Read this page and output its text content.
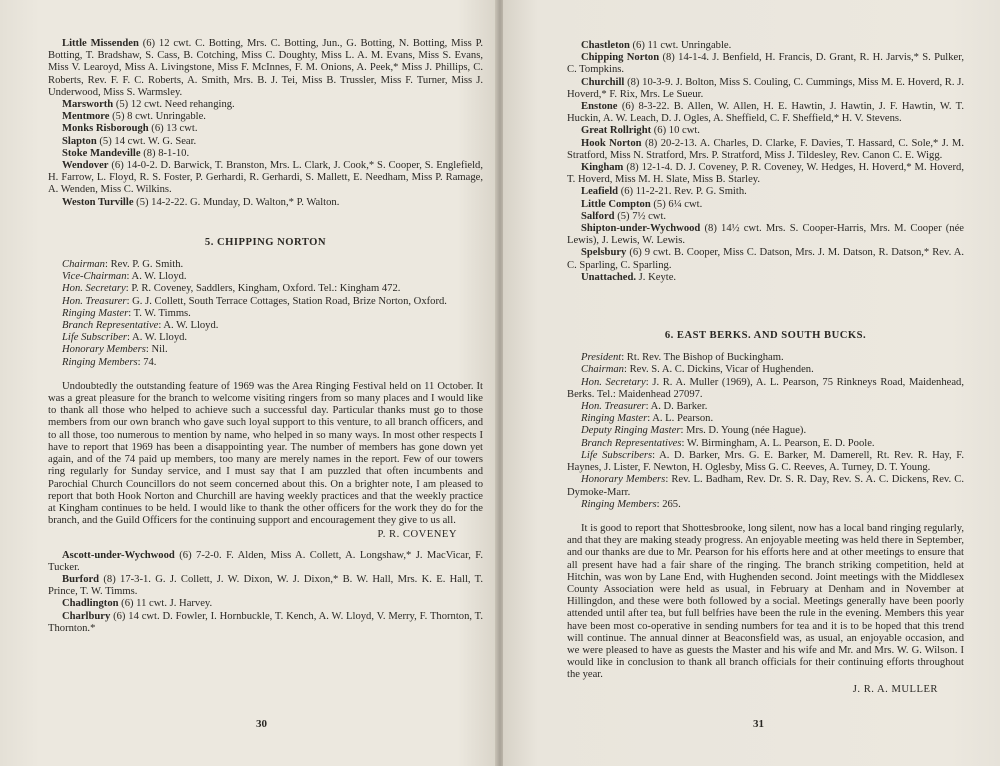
Little Missenden (6) 12 cwt. C. Botting, Mrs. C. Botting, Jun., G. Botting, N. Botting, Miss P. Botting, T. Bradshaw, S. Cass, B. Cotching, Miss C. Doughty, Miss L. A. M. Evans, Miss S. Evans, Miss V. Learoyd, Miss A. Livingstone, Miss F. McInnes, F. M. Onions, A. Peek,* Miss J. Phillips, C. Roberts, Rev. F. F. C. Roberts, A. Smith, Mrs. B. J. Tei, Miss B. Trussler, Miss F. Turner, Miss J. Underwood, Miss S. Warmsley.

Marsworth (5) 12 cwt. Need rehanging.

Mentmore (5) 8 cwt. Unringable.

Monks Risborough (6) 13 cwt.

Slapton (5) 14 cwt. W. G. Sear.

Stoke Mandeville (8) 8-1-10.

Wendover (6) 14-0-2. D. Barwick, T. Branston, Mrs. L. Clark, J. Cook,* S. Cooper, S. Englefield, H. Farrow, L. Floyd, R. S. Foster, P. Gerhardi, R. Gerhardi, S. Mallett, E. Needham, Miss P. Ramage, A. Wenden, Miss C. Wilkins.

Weston Turville (5) 14-2-22. G. Munday, D. Walton,* P. Walton.

5. CHIPPING NORTON

Chairman: Rev. P. G. Smith.

Vice-Chairman: A. W. Lloyd.

Hon. Secretary: P. R. Coveney, Saddlers, Kingham, Oxford. Tel.: Kingham 472.

Hon. Treasurer: G. J. Collett, South Terrace Cottages, Station Road, Brize Norton, Oxford.

Ringing Master: T. W. Timms.

Branch Representative: A. W. Lloyd.

Life Subscriber: A. W. Lloyd.

Honorary Members: Nil.

Ringing Members: 74.

Undoubtedly the outstanding feature of 1969 was the Area Ringing Festival held on 11 October. It was a great pleasure for the branch to welcome visiting ringers from so many places and I would like to thank all those who helped to achieve such a successful day. Particular thanks must go to those members from our own branch who gave such loyal support to this venture, to all branch officers, and to all those, too numerous to mention by name, who helped in so many ways. In most other respects I have to report that 1969 has been a disappointing year. The number of members has gone down yet again, and of the 74 paid up members, too many are merely names in the report. Few of our towers ring regularly for Sunday service, and I must say that I am puzzled that often incumbents and Parochial Church Councillors do not seem concerned about this. On a brighter note, I am pleased to report that both Hook Norton and Churchill are having weekly practices and that the weekly practice at Kingham continues to be held. I would like to thank the other officers for the work they do for the branch, and the Guild Officers for the continuing support and encouragement they give to us all.

P. R. COVENEY

Ascott-under-Wychwood (6) 7-2-0. F. Alden, Miss A. Collett, A. Longshaw,* J. MacVicar, F. Tucker.

Burford (8) 17-3-1. G. J. Collett, J. W. Dixon, W. J. Dixon,* B. W. Hall, Mrs. K. E. Hall, T. Prince, T. W. Timms.

Chadlington (6) 11 cwt. J. Harvey.

Charlbury (6) 14 cwt. D. Fowler, I. Hornbuckle, T. Kench, A. W. Lloyd, V. Merry, F. Thornton, T. Thornton.*

30

Chastleton (6) 11 cwt. Unringable.

Chipping Norton (8) 14-1-4. J. Benfield, H. Francis, D. Grant, R. H. Jarvis,* S. Pulker, C. Tompkins.

Churchill (8) 10-3-9. J. Bolton, Miss S. Couling, C. Cummings, Miss M. E. Hoverd, R. J. Hoverd,* F. Rix, Mrs. Le Sueur.

Enstone (6) 8-3-22. B. Allen, W. Allen, H. E. Hawtin, J. Hawtin, J. F. Hawtin, W. T. Huckin, A. W. Leach, D. J. Ogles, A. Sheffield, C. F. Sheffield,* H. V. Stevens.

Great Rollright (6) 10 cwt.

Hook Norton (8) 20-2-13. A. Charles, D. Clarke, F. Davies, T. Hassard, C. Sole,* J. M. Stratford, Miss N. Stratford, Mrs. P. Stratford, Miss J. Tildesley, Rev. Canon C. E. Wigg.

Kingham (8) 12-1-4. D. J. Coveney, P. R. Coveney, W. Hedges, H. Hoverd,* M. Hoverd, T. Hoverd, Miss M. H. Slate, Miss B. Starley.

Leafield (6) 11-2-21. Rev. P. G. Smith.

Little Compton (5) 6¼ cwt.

Salford (5) 7½ cwt.

Shipton-under-Wychwood (8) 14½ cwt. Mrs. S. Cooper-Harris, Mrs. M. Cooper (née Lewis), J. Lewis, W. Lewis.

Spelsbury (6) 9 cwt. B. Cooper, Miss C. Datson, Mrs. J. M. Datson, R. Datson,* Rev. A. C. Sparling, C. Sparling.

Unattached. J. Keyte.

6. EAST BERKS. AND SOUTH BUCKS.

President: Rt. Rev. The Bishop of Buckingham.

Chairman: Rev. S. A. C. Dickins, Vicar of Hughenden.

Hon. Secretary: J. R. A. Muller (1969), A. L. Pearson, 75 Rinkneys Road, Maidenhead, Berks. Tel.: Maidenhead 27097.

Hon. Treasurer: A. D. Barker.

Ringing Master: A. L. Pearson.

Deputy Ringing Master: Mrs. D. Young (née Hague).

Branch Representatives: W. Birmingham, A. L. Pearson, E. D. Poole.

Life Subscribers: A. D. Barker, Mrs. G. E. Barker, M. Damerell, Rt. Rev. R. Hay, F. Haynes, J. Lister, F. Newton, H. Oglesby, Miss G. C. Reeves, A. Turney, D. T. Young.

Honorary Members: Rev. L. Badham, Rev. Dr. S. R. Day, Rev. S. A. C. Dickens, Rev. C. Dymoke-Marr.

Ringing Members: 265.

It is good to report that Shottesbrooke, long silent, now has a local band ringing regularly, and that they are making steady progress. An enjoyable meeting was held there in September, and our thanks are due to Mr. Pearson for his efforts here and at other meetings to ensure that all present have had a fair share of the ringing. The branch striking competition, held at Hitchin, was won by Lane End, with Hughenden second. Joint meetings with the Middlesex County Association were held as usual, in February at Denham and in November at Hillingdon, and these were both followed by a social. Meetings generally have been poorly attended until after tea, but full belfries have been the rule in the evening. Members this year have been most co-operative in sending numbers for tea and it is to be hoped that this trend will continue. The annual dinner at Beaconsfield was, as usual, an enjoyable occasion, and we were pleased to have as guests the Master and his wife and Mr. and Mrs. W. G. Wilson. I would like in conclusion to thank all branch officials for their continuing efforts throughout the year.

J. R. A. MULLER
31
